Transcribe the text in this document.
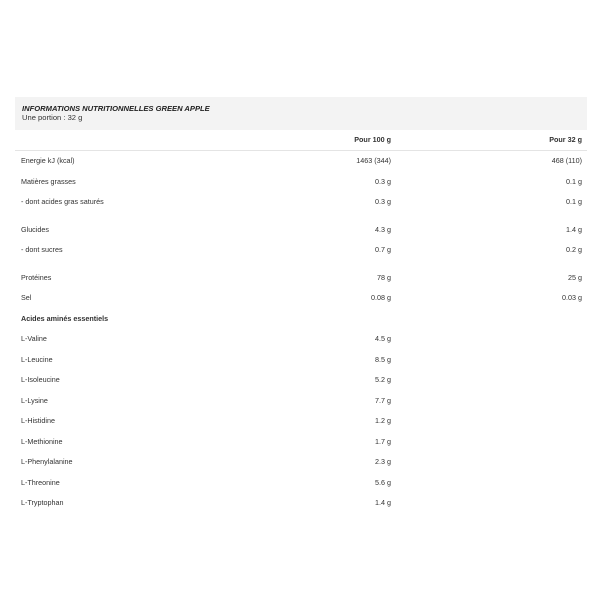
INFORMATIONS NUTRITIONNELLES GREEN APPLE
Une portion : 32 g
Pour 100 g	Pour 32 g
Energie kJ (kcal)	1463 (344)	468 (110)
Matières grasses	0.3 g	0.1 g
- dont acides gras saturés	0.3 g	0.1 g
Glucides	4.3 g	1.4 g
- dont sucres	0.7 g	0.2 g
Protéines	78 g	25 g
Sel	0.08 g	0.03 g
Acides aminés essentiels
L-Valine	4.5 g
L-Leucine	8.5 g
L-Isoleucine	5.2 g
L-Lysine	7.7 g
L-Histidine	1.2 g
L-Methionine	1.7 g
L-Phenylalanine	2.3 g
L-Threonine	5.6 g
L-Tryptophan	1.4 g
